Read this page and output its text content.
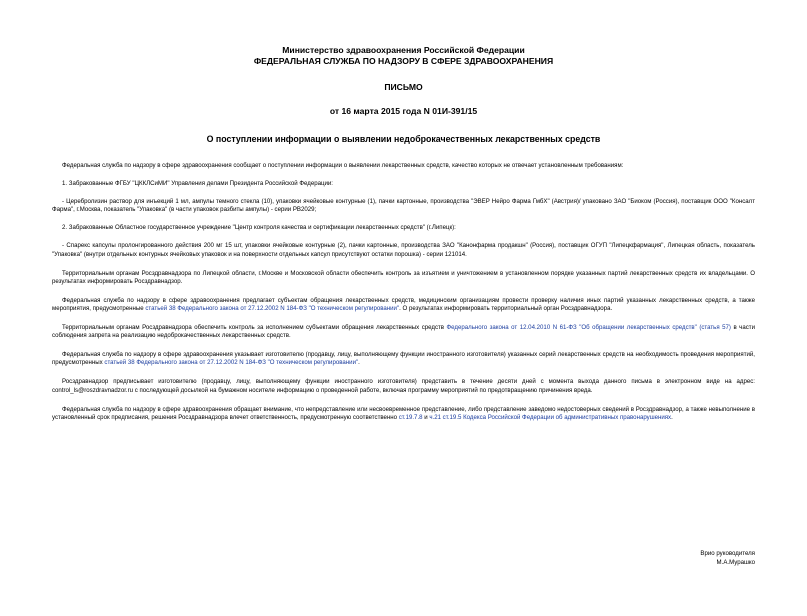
Министерство здравоохранения Российской Федерации
ФЕДЕРАЛЬНАЯ СЛУЖБА ПО НАДЗОРУ В СФЕРЕ ЗДРАВООХРАНЕНИЯ
ПИСЬМО
от 16 марта 2015 года N 01И-391/15
О поступлении информации о выявлении недоброкачественных лекарственных средств

Федеральная служба по надзору в сфере здравоохранения сообщает о поступлении информации о выявлении лекарственных средств, качество которых не отвечает установленным требованиям:

1. Забракованные ФГБУ "ЦККЛСиМИ" Управления делами Президента Российской Федерации:

- Церебролизин раствор для инъекций 1 мл, ампулы темного стекла (10), упаковки ячейковые контурные (1), пачки картонные, производства "ЭВЕР Нейро Фарма ГмбХ" (Австрия)/ упаковано ЗАО "Биоком (Россия), поставщик ООО "Консалт Фарма", г.Москва, показатель "Упаковка" (в части упаковок разбиты ампулы) - серии PB2029;

2. Забракованные Областное государственное учреждение "Центр контроля качества и сертификации лекарственных средств" (г.Липецк):

- Спарекс капсулы пролонгированного действия 200 мг 15 шт, упаковки ячейковые контурные (2), пачки картонные, производства ЗАО "Канонфарма продакшн" (Россия), поставщик ОГУП "Липецкфармация", Липецкая область, показатель "Упаковка" (внутри отдельных контурных ячейковых упаковок и на поверхности отдельных капсул присутствуют остатки порошка) - серии 121014.

Территориальным органам Росздравнадзора по Липецкой области, г.Москве и Московской области обеспечить контроль за изъятием и уничтожением в установленном порядке указанных партий лекарственных средств их владельцами. О результатах информировать Росздравнадзор.

Федеральная служба по надзору в сфере здравоохранения предлагает субъектам обращения лекарственных средств, медицинским организациям провести проверку наличия иных партий указанных лекарственных средств, а также мероприятия, предусмотренные статьей 38 Федерального закона от 27.12.2002 N 184-ФЗ "О техническом регулировании". О результатах информировать территориальный орган Росздравнадзора.

Территориальным органам Росздравнадзора обеспечить контроль за исполнением субъектами обращения лекарственных средств Федерального закона от 12.04.2010 N 61-ФЗ "Об обращении лекарственных средств" (статья 57) в части соблюдения запрета на реализацию недоброкачественных лекарственных средств.

Федеральная служба по надзору в сфере здравоохранения указывает изготовителю (продавцу, лицу, выполняющему функции иностранного изготовителя) указанных серий лекарственных средств на необходимость проведения мероприятий, предусмотренных статьей 38 Федерального закона от 27.12.2002 N 184-ФЗ "О техническом регулировании".

Росздравнадзор предписывает изготовителю (продавцу, лицу, выполняющему функции иностранного изготовителя) представить в течение десяти дней с момента выхода данного письма в электронном виде на адрес: control_ls@roszdravnadzor.ru с последующей досылкой на бумажном носителе информацию о проведенной работе, включая программу мероприятий по предотвращению причинения вреда.

Федеральная служба по надзору в сфере здравоохранения обращает внимание, что непредставление или несвоевременное представление, либо представление заведомо недостоверных сведений в Росздравнадзор, а также невыполнение в установленный срок предписания, решения Росздравнадзора влечет ответственность, предусмотренную соответственно ст.19.7.8 и ч.21 ст.19.5 Кодекса Российской Федерации об административных правонарушениях.

Врио руководителя
М.А.Мурашко
